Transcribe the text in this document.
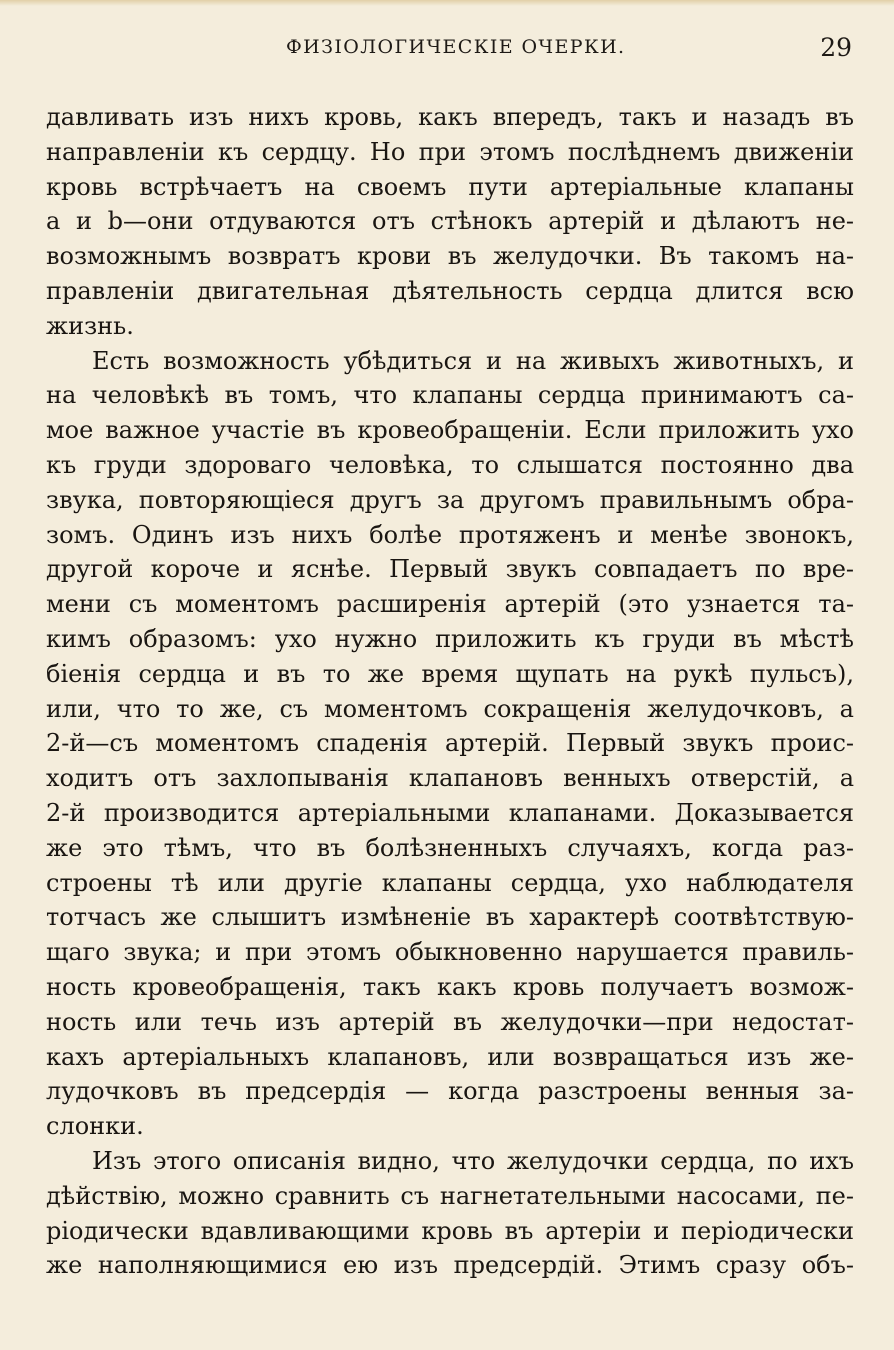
ФИЗІОЛОГИЧЕСКІЕ ОЧЕРКИ.	29

давливать изъ нихъ кровь, какъ впередъ, такъ и назадъ въ
направленіи къ сердцу. Но при этомъ послѣднемъ движеніи
кровь встрѣчаетъ на своемъ пути артеріальные клапаны
a и b—они отдуваются отъ стѣнокъ артерій и дѣлаютъ не-
возможнымъ возвратъ крови въ желудочки. Въ такомъ на-
правленіи двигательная дѣятельность сердца длится всю
жизнь.

Есть возможность убѣдиться и на живыхъ животныхъ, и
на человѣкѣ въ томъ, что клапаны сердца принимаютъ са-
мое важное участіе въ кровеобращеніи. Если приложить ухо
къ груди здороваго человѣка, то слышатся постоянно два
звука, повторяющіеся другъ за другомъ правильнымъ обра-
зомъ. Одинъ изъ нихъ болѣе протяженъ и менѣе звонокъ,
другой короче и яснѣе. Первый звукъ совпадаетъ по вре-
мени съ моментомъ расширенія артерій (это узнается та-
кимъ образомъ: ухо нужно приложить къ груди въ мѣстѣ
біенія сердца и въ то же время щупать на рукѣ пульсъ),
или, что то же, съ моментомъ сокращенія желудочковъ, а
2-й—съ моментомъ спаденія артерій. Первый звукъ проис-
ходитъ отъ захлопыванія клапановъ венныхъ отверстій, а
2-й производится артеріальными клапанами. Доказывается
же это тѣмъ, что въ болѣзненныхъ случаяхъ, когда раз-
строены тѣ или другіе клапаны сердца, ухо наблюдателя
тотчасъ же слышитъ измѣненіе въ характерѣ соотвѣтствую-
щаго звука; и при этомъ обыкновенно нарушается правиль-
ность кровеобращенія, такъ какъ кровь получаетъ возмож-
ность или течь изъ артерій въ желудочки—при недостат-
кахъ артеріальныхъ клапановъ, или возвращаться изъ же-
лудочковъ въ предсердія — когда разстроены венныя за-
слонки.

Изъ этого описанія видно, что желудочки сердца, по ихъ
дѣйствію, можно сравнить съ нагнетательными насосами, пе-
ріодически вдавливающими кровь въ артеріи и періодически
же наполняющимися ею изъ предсердій. Этимъ сразу объ-
